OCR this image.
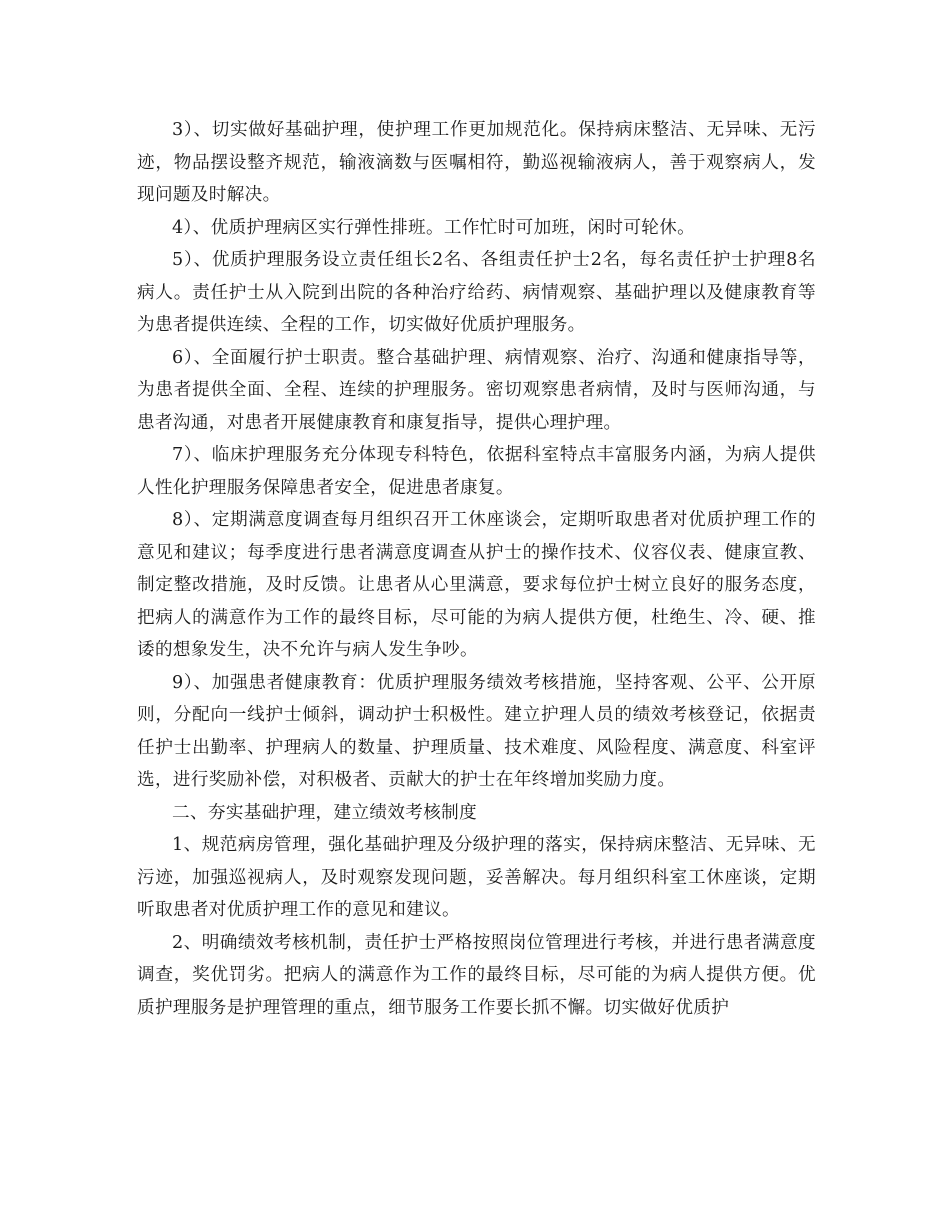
3）、切实做好基础护理，使护理工作更加规范化。保持病床整洁、无异味、无污迹，物品摆设整齐规范，输液滴数与医嘱相符，勤巡视输液病人，善于观察病人，发现问题及时解决。

4）、优质护理病区实行弹性排班。工作忙时可加班，闲时可轮休。

5）、优质护理服务设立责任组长2名、各组责任护士2名，每名责任护士护理8名病人。责任护士从入院到出院的各种治疗给药、病情观察、基础护理以及健康教育等为患者提供连续、全程的工作，切实做好优质护理服务。

6）、全面履行护士职责。整合基础护理、病情观察、治疗、沟通和健康指导等，为患者提供全面、全程、连续的护理服务。密切观察患者病情，及时与医师沟通，与患者沟通，对患者开展健康教育和康复指导，提供心理护理。

7）、临床护理服务充分体现专科特色，依据科室特点丰富服务内涵，为病人提供人性化护理服务保障患者安全，促进患者康复。

8）、定期满意度调查每月组织召开工休座谈会，定期听取患者对优质护理工作的意见和建议；每季度进行患者满意度调查从护士的操作技术、仪容仪表、健康宣教、制定整改措施，及时反馈。让患者从心里满意，要求每位护士树立良好的服务态度，把病人的满意作为工作的最终目标，尽可能的为病人提供方便，杜绝生、冷、硬、推诿的想象发生，决不允许与病人发生争吵。

9）、加强患者健康教育：优质护理服务绩效考核措施，坚持客观、公平、公开原则，分配向一线护士倾斜，调动护士积极性。建立护理人员的绩效考核登记，依据责任护士出勤率、护理病人的数量、护理质量、技术难度、风险程度、满意度、科室评选，进行奖励补偿，对积极者、贡献大的护士在年终增加奖励力度。

二、夯实基础护理，建立绩效考核制度

1、规范病房管理，强化基础护理及分级护理的落实，保持病床整洁、无异味、无污迹，加强巡视病人，及时观察发现问题，妥善解决。每月组织科室工休座谈，定期听取患者对优质护理工作的意见和建议。

2、明确绩效考核机制，责任护士严格按照岗位管理进行考核，并进行患者满意度调查，奖优罚劣。把病人的满意作为工作的最终目标，尽可能的为病人提供方便。优质护理服务是护理管理的重点，细节服务工作要长抓不懈。切实做好优质护
